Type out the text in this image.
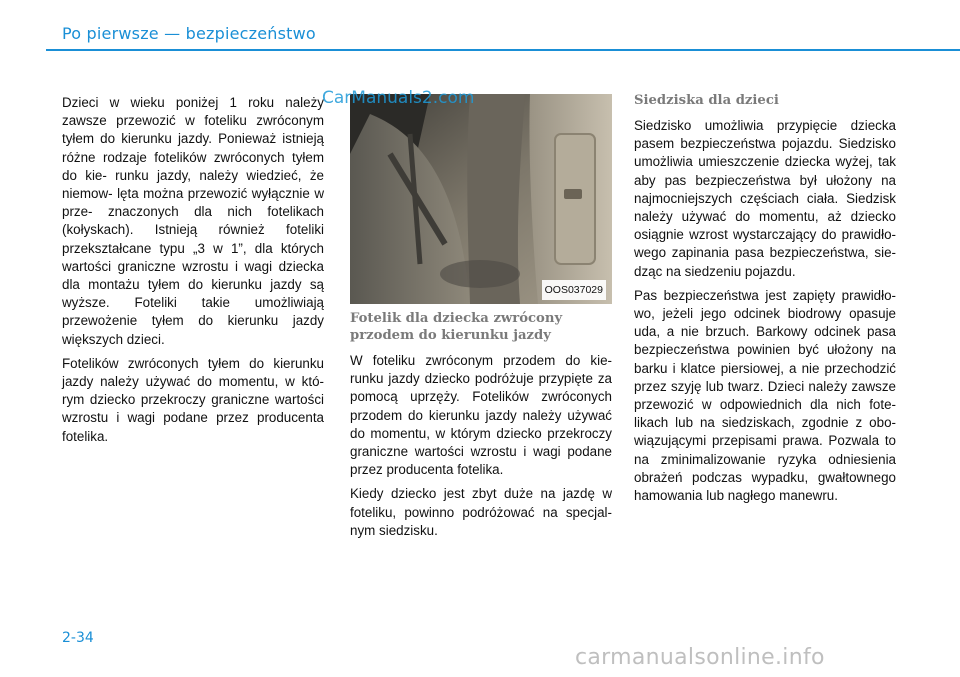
Po pierwsze — bezpieczeństwo

Dzieci w wieku poniżej 1 roku należy zawsze przewozić w foteliku zwróconym tyłem do kierunku jazdy. Ponieważ istnieją różne rodzaje fotelików zwróconych tyłem do kie- runku jazdy, należy wiedzieć, że niemow- lęta można przewozić wyłącznie w prze- znaczonych dla nich fotelikach (kołyskach). Istnieją również foteliki przekształcane typu „3 w 1”, dla których wartości graniczne wzrostu i wagi dziecka dla montażu tyłem do kierunku jazdy są wyższe. Foteliki takie umożliwiają przewożenie tyłem do kierunku jazdy większych dzieci.

Fotelików zwróconych tyłem do kierunku jazdy należy używać do momentu, w któ- rym dziecko przekroczy graniczne wartości wzrostu i wagi podane przez producenta fotelika.

OOS037029
Fotelik dla dziecka zwrócony przodem do kierunku jazdy

W foteliku zwróconym przodem do kie- runku jazdy dziecko podróżuje przypięte za pomocą uprzęży. Fotelików zwróconych przodem do kierunku jazdy należy używać do momentu, w którym dziecko przekroczy graniczne wartości wzrostu i wagi podane przez producenta fotelika.

Kiedy dziecko jest zbyt duże na jazdę w foteliku, powinno podróżować na specjal- nym siedzisku.

Siedziska dla dzieci

Siedzisko umożliwia przypięcie dziecka pasem bezpieczeństwa pojazdu. Siedzisko umożliwia umieszczenie dziecka wyżej, tak aby pas bezpieczeństwa był ułożony na najmocniejszych częściach ciała. Siedzisk należy używać do momentu, aż dziecko osiągnie wzrost wystarczający do prawidło- wego zapinania pasa bezpieczeństwa, sie- dząc na siedzeniu pojazdu.

Pas bezpieczeństwa jest zapięty prawidło- wo, jeżeli jego odcinek biodrowy opasuje uda, a nie brzuch. Barkowy odcinek pasa bezpieczeństwa powinien być ułożony na barku i klatce piersiowej, a nie przechodzić przez szyję lub twarz. Dzieci należy zawsze przewozić w odpowiednich dla nich fote- likach lub na siedziskach, zgodnie z obo- wiązującymi przepisami prawa. Pozwala to na zminimalizowanie ryzyka odniesienia obrażeń podczas wypadku, gwałtownego hamowania lub nagłego manewru.

2-34
CarManuals2.com
carmanualsonline.info
